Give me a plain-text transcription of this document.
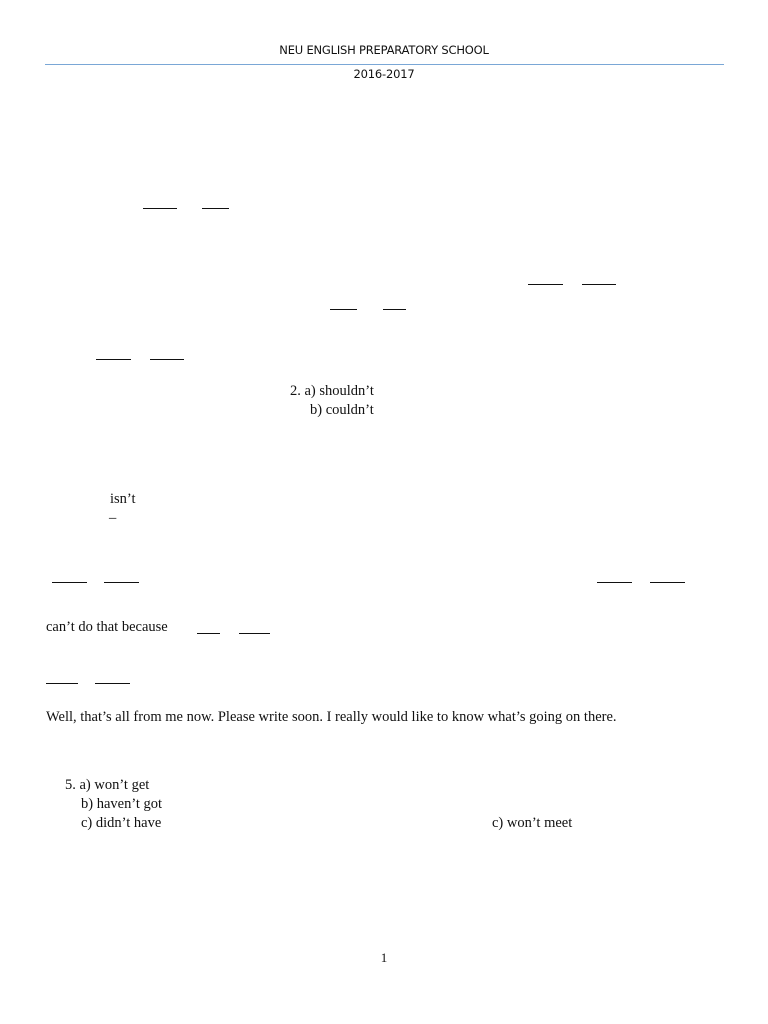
NEU ENGLISH PREPARATORY SCHOOL
2016-2017
2. a) shouldn’t
b) couldn’t
isn’t
–
can’t do that because
Well, that’s all from me now. Please write soon. I really would like to know what’s going on there.
5. a) won’t get
b) haven’t got
c) didn’t have	c) won’t meet
1
